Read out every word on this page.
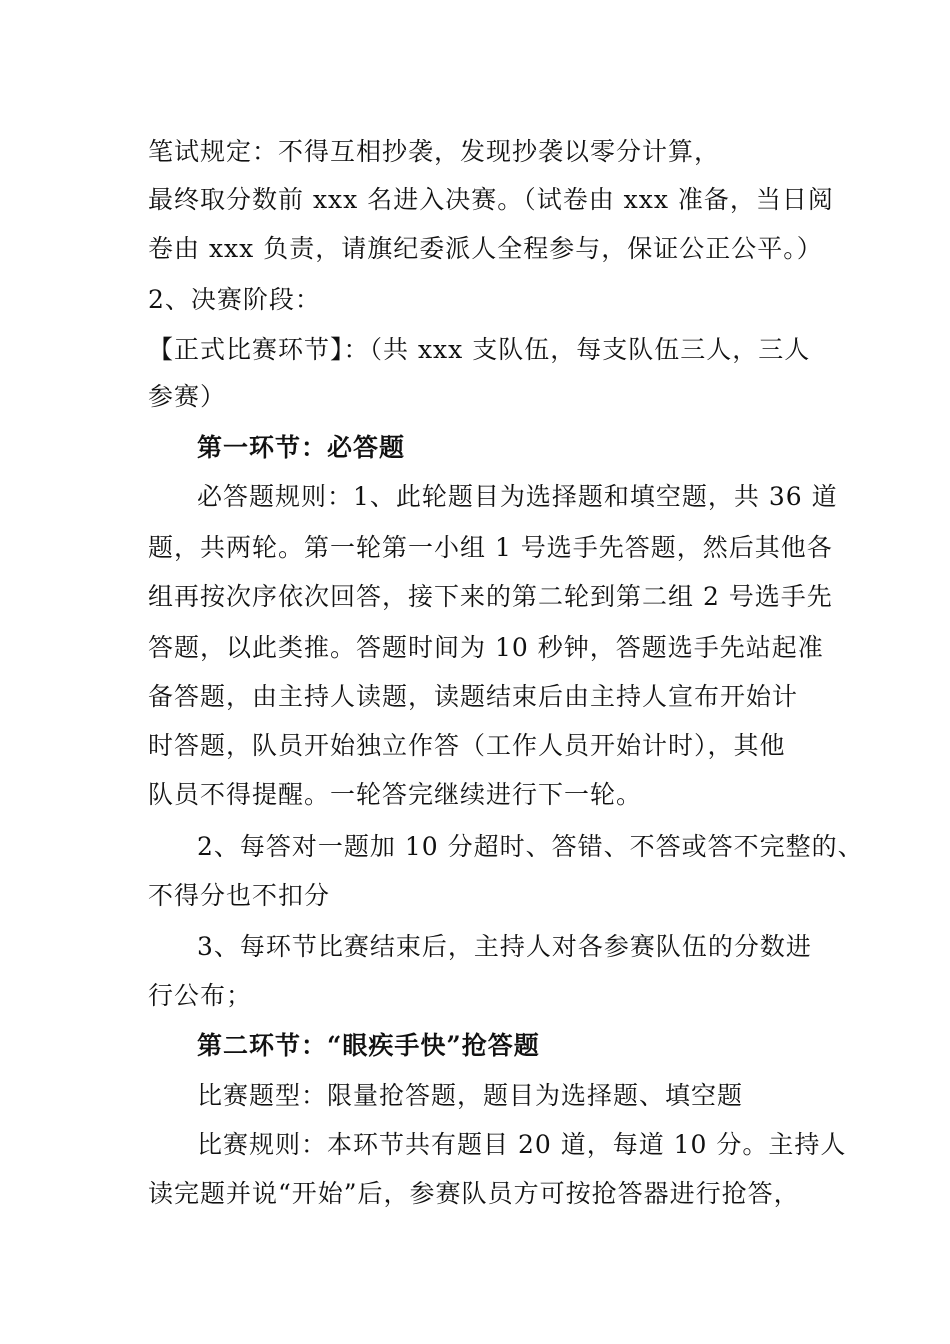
笔试规定：不得互相抄袭，发现抄袭以零分计算，
最终取分数前 xxx 名进入决赛。（试卷由 xxx 准备，当日阅
卷由 xxx 负责，请旗纪委派人全程参与，保证公正公平。）
2、决赛阶段：
【正式比赛环节】：（共 xxx 支队伍，每支队伍三人，三人
参赛）
第一环节：必答题
必答题规则：1、此轮题目为选择题和填空题，共 36 道
题，共两轮。第一轮第一小组 1 号选手先答题，然后其他各
组再按次序依次回答，接下来的第二轮到第二组 2 号选手先
答题，以此类推。答题时间为 10 秒钟，答题选手先站起准
备答题，由主持人读题，读题结束后由主持人宣布开始计
时答题，队员开始独立作答（工作人员开始计时），其他
队员不得提醒。一轮答完继续进行下一轮。
2、每答对一题加 10 分超时、答错、不答或答不完整的、
不得分也不扣分
3、每环节比赛结束后，主持人对各参赛队伍的分数进
行公布；
第二环节：“眼疾手快”抢答题
比赛题型：限量抢答题，题目为选择题、填空题
比赛规则：本环节共有题目 20 道，每道 10 分。主持人
读完题并说“开始”后，参赛队员方可按抢答器进行抢答，
